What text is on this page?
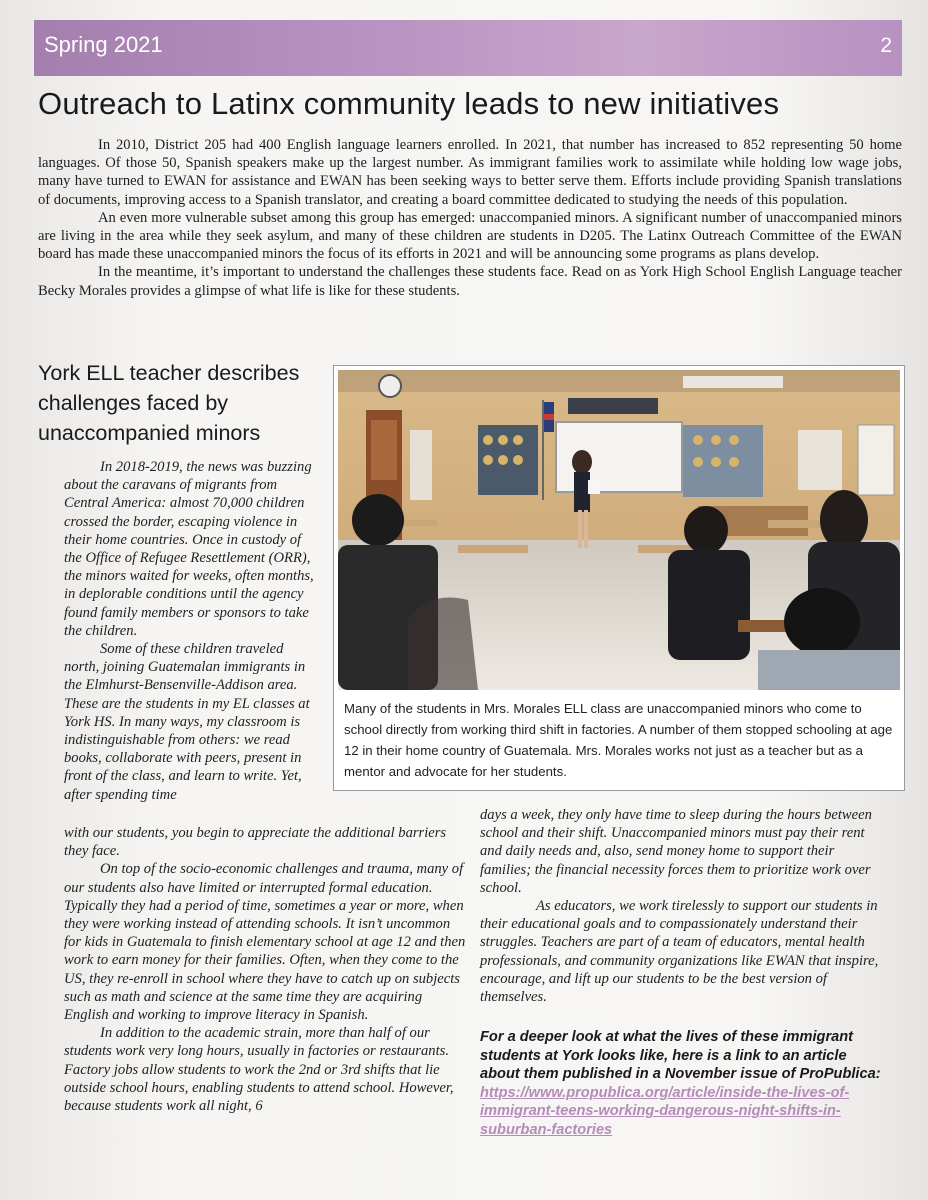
Spring 2021	2
Outreach to Latinx community leads to new initiatives

In 2010, District 205 had 400 English language learners enrolled. In 2021, that number has increased to 852 representing 50 home languages. Of those 50, Spanish speakers make up the largest number. As immigrant families work to assimilate while holding low wage jobs, many have turned to EWAN for assistance and EWAN has been seeking ways to better serve them. Efforts include providing Spanish translations of documents, improving access to a Spanish translator, and creating a board committee dedicated to studying the needs of this population.

An even more vulnerable subset among this group has emerged: unaccompanied minors. A significant number of unaccompanied minors are living in the area while they seek asylum, and many of these children are students in D205. The Latinx Outreach Committee of the EWAN board has made these unaccompanied minors the focus of its efforts in 2021 and will be announcing some programs as plans develop.

In the meantime, it’s important to understand the challenges these students face. Read on as York High School English Language teacher Becky Morales provides a glimpse of what life is like for these students.

York ELL teacher describes challenges faced by unaccompanied minors
Many of the students in Mrs. Morales ELL class are unaccompanied minors who come to school directly from working third shift in factories. A number of them stopped schooling at age 12 in their home country of Guatemala. Mrs. Morales works not just as a teacher but as a mentor and advocate for her students.

In 2018-2019, the news was buzzing about the caravans of migrants from Central America: almost 70,000 children crossed the border, escaping violence in their home countries. Once in custody of the Office of Refugee Resettlement (ORR), the minors waited for weeks, often months, in deplorable conditions until the agency found family members or sponsors to take the children.

Some of these children traveled north, joining Guatemalan immigrants in the Elmhurst-Bensenville-Addison area. These are the students in my EL classes at York HS. In many ways, my classroom is indistinguishable from others: we read books, collaborate with peers, present in front of the class, and learn to write. Yet, after spending time

with our students, you begin to appreciate the additional barriers they face.

On top of the socio-economic challenges and trauma, many of our students also have limited or interrupted formal education. Typically they had a period of time, sometimes a year or more, when they were working instead of attending schools. It isn’t uncommon for kids in Guatemala to finish elementary school at age 12 and then work to earn money for their families. Often, when they come to the US, they re-enroll in school where they have to catch up on subjects such as math and science at the same time they are acquiring English and working to improve literacy in Spanish.

In addition to the academic strain, more than half of our students work very long hours, usually in factories or restaurants. Factory jobs allow students to work the 2nd or 3rd shifts that lie outside school hours, enabling students to attend school. However, because students work all night, 6

days a week, they only have time to sleep during the hours between school and their shift. Unaccompanied minors must pay their rent and daily needs and, also, send money home to support their families; the financial necessity forces them to prioritize work over school.

As educators, we work tirelessly to support our students in their educational goals and to compassionately understand their struggles. Teachers are part of a team of educators, mental health professionals, and community organizations like EWAN that inspire, encourage, and lift up our students to be the best version of themselves.

For a deeper look at what the lives of these immigrant students at York looks like, here is a link to an article about them published in a November issue of ProPublica: https://www.propublica.org/article/inside-the-lives-of-immigrant-teens-working-dangerous-night-shifts-in-suburban-factories
